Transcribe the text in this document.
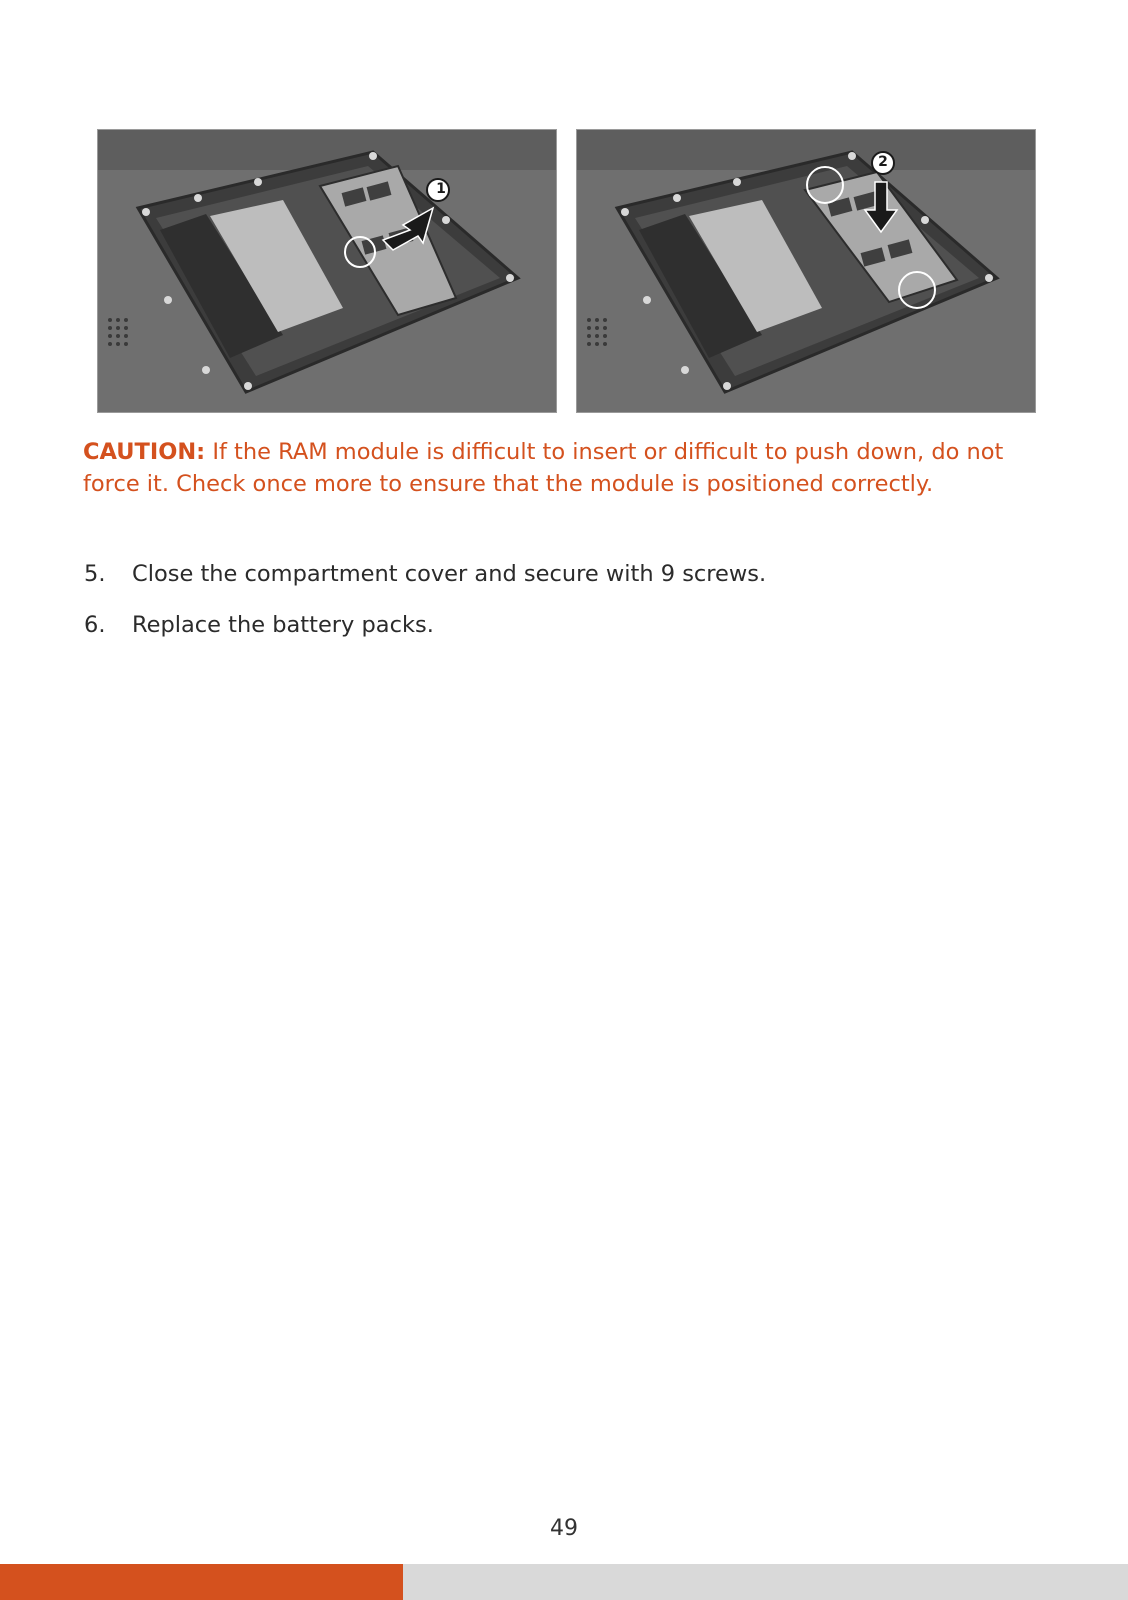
1
2
CAUTION: If the RAM module is difficult to insert or difficult to push down, do not force it. Check once more to ensure that the module is positioned correctly.
5. Close the compartment cover and secure with 9 screws.
6. Replace the battery packs.
49
